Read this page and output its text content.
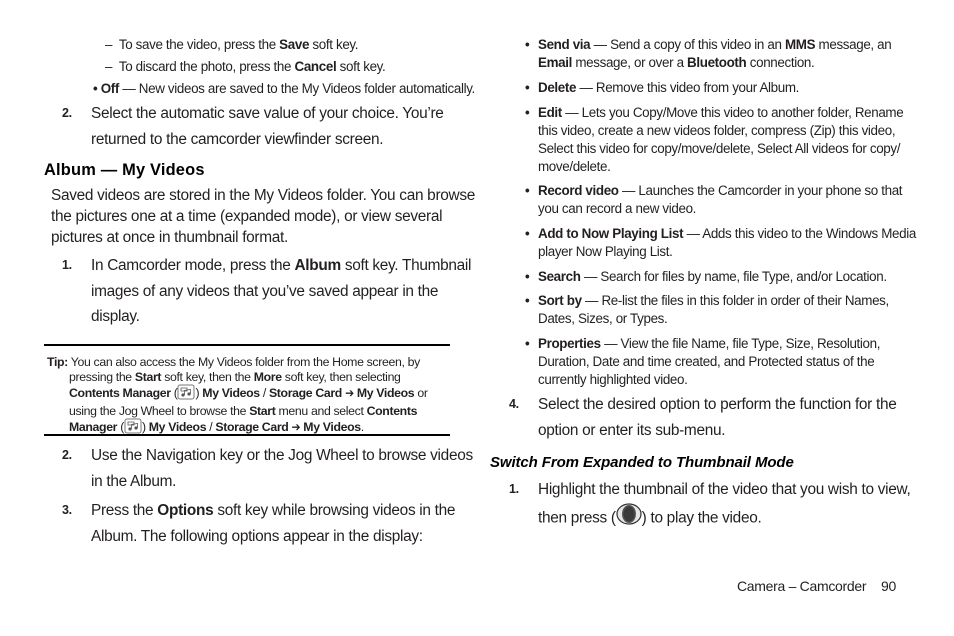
– To save the video, press the Save soft key.
– To discard the photo, press the Cancel soft key.
• Off — New videos are saved to the My Videos folder automatically.
2. Select the automatic save value of your choice. You’re
returned to the camcorder viewfinder screen.
Album — My Videos
Saved videos are stored in the My Videos folder. You can browse
the pictures one at a time (expanded mode), or view several
pictures at once in thumbnail format.
1. In Camcorder mode, press the Album soft key. Thumbnail
images of any videos that you’ve saved appear in the
display.
Tip: You can also access the My Videos folder from the Home screen, by
pressing the Start soft key, then the More soft key, then selecting
Contents Manager ( ) My Videos / Storage Card ➔ My Videos or
using the Jog Wheel to browse the Start menu and select Contents
Manager ( ) My Videos / Storage Card ➔ My Videos.
2. Use the Navigation key or the Jog Wheel to browse videos
in the Album.
3. Press the Options soft key while browsing videos in the
Album. The following options appear in the display:
• Send via — Send a copy of this video in an MMS message, an
Email message, or over a Bluetooth connection.
• Delete — Remove this video from your Album.
• Edit — Lets you Copy/Move this video to another folder, Rename
this video, create a new videos folder, compress (Zip) this video,
Select this video for copy/move/delete, Select All videos for copy/
move/delete.
• Record video — Launches the Camcorder in your phone so that
you can record a new video.
• Add to Now Playing List — Adds this video to the Windows Media
player Now Playing List.
• Search — Search for files by name, file Type, and/or Location.
• Sort by — Re-list the files in this folder in order of their Names,
Dates, Sizes, or Types.
• Properties — View the file Name, file Type, Size, Resolution,
Duration, Date and time created, and Protected status of the
currently highlighted video.
4. Select the desired option to perform the function for the
option or enter its sub-menu.
Switch From Expanded to Thumbnail Mode
1. Highlight the thumbnail of the video that you wish to view,
then press ( ) to play the video.
Camera – Camcorder 90
